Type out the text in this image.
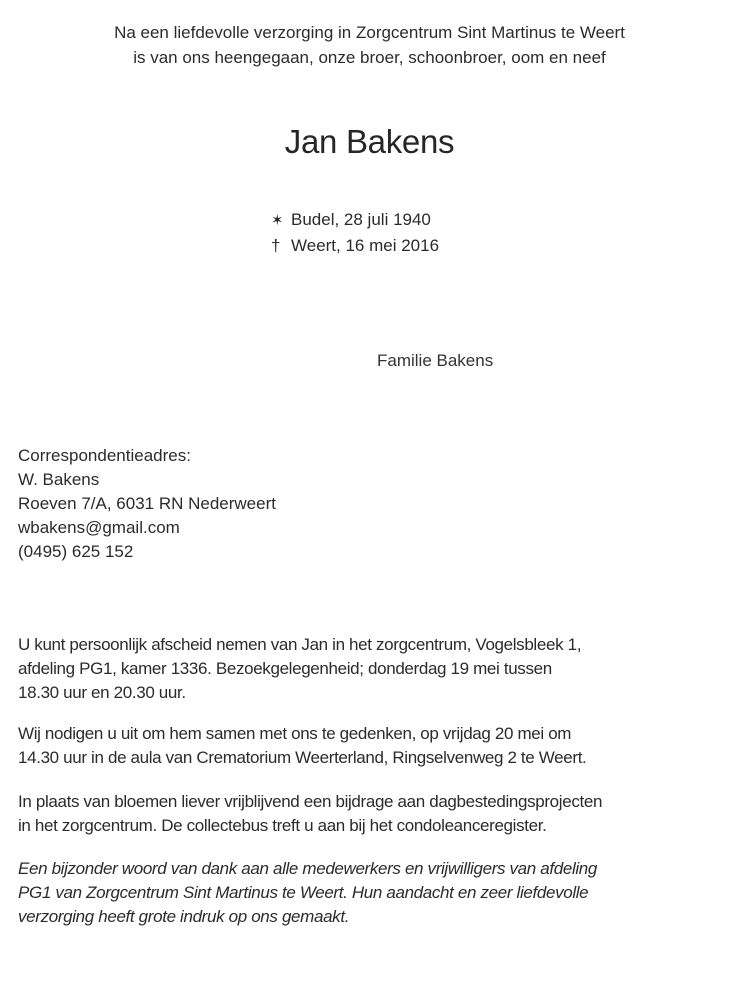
Na een liefdevolle verzorging in Zorgcentrum Sint Martinus te Weert
is van ons heengegaan, onze broer, schoonbroer, oom en neef
Jan Bakens
✶ Budel, 28 juli 1940
† Weert, 16 mei 2016
Familie Bakens
Correspondentieadres:
W. Bakens
Roeven 7/A, 6031 RN Nederweert
wbakens@gmail.com
(0495) 625 152
U kunt persoonlijk afscheid nemen van Jan in het zorgcentrum, Vogelsbleek 1,
afdeling PG1, kamer 1336. Bezoekgelegenheid; donderdag 19 mei tussen
18.30 uur en 20.30 uur.
Wij nodigen u uit om hem samen met ons te gedenken, op vrijdag 20 mei om
14.30 uur in de aula van Crematorium Weerterland, Ringselvenweg 2 te Weert.
In plaats van bloemen liever vrijblijvend een bijdrage aan dagbestedingsprojecten
in het zorgcentrum. De collectebus treft u aan bij het condoleanceregister.
Een bijzonder woord van dank aan alle medewerkers en vrijwilligers van afdeling
PG1 van Zorgcentrum Sint Martinus te Weert. Hun aandacht en zeer liefdevolle
verzorging heeft grote indruk op ons gemaakt.
